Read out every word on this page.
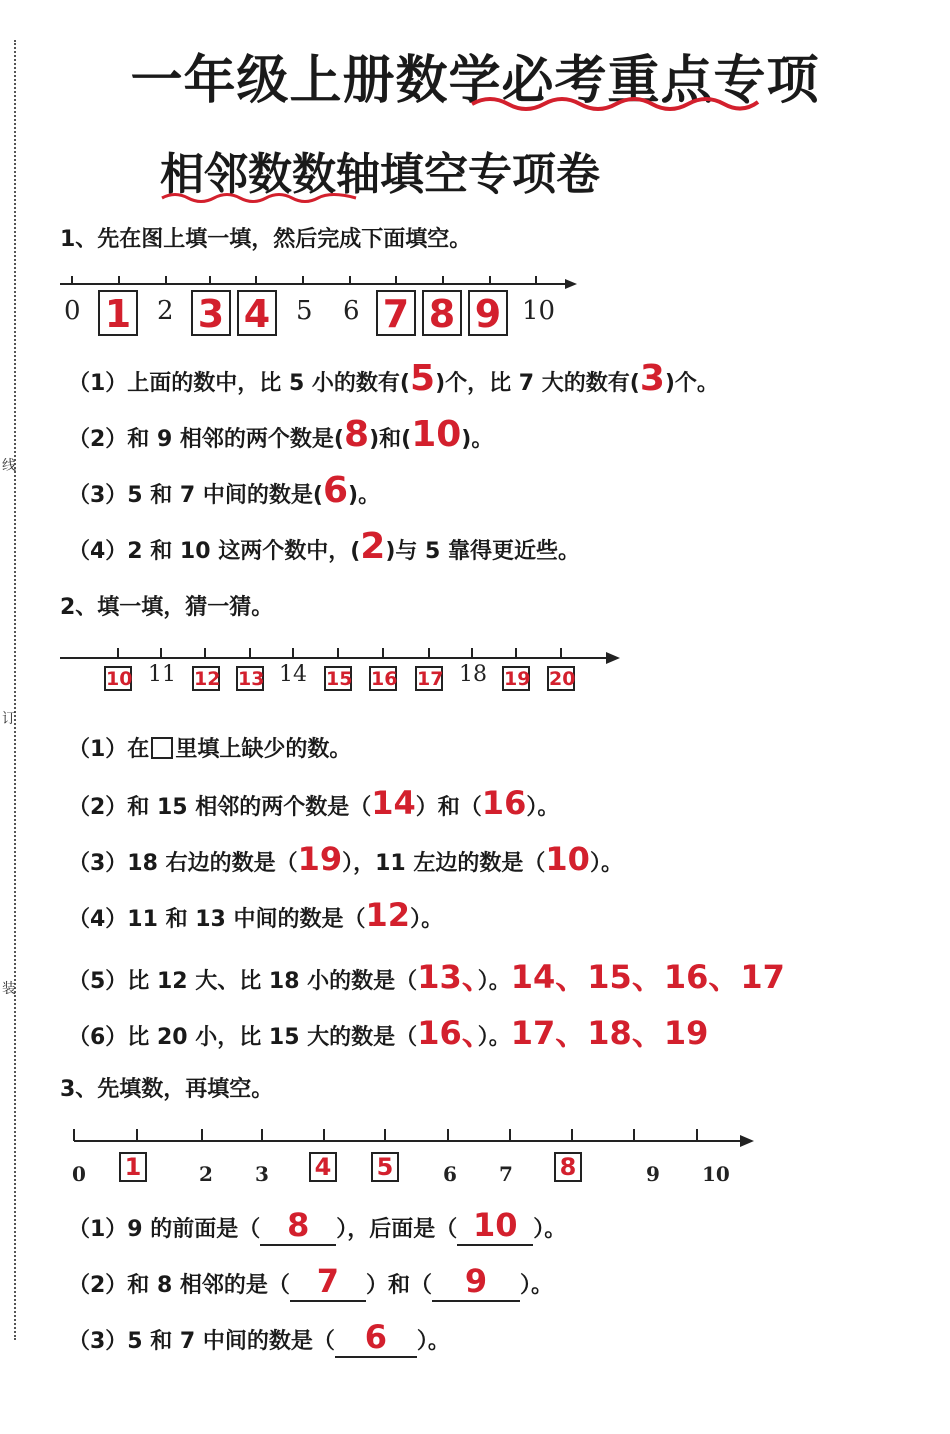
线
订
装
一年级上册数学必考重点专项
相邻数数轴填空专项卷
1、先在图上填一填，然后完成下面填空。
0 1 2 3 4 5 6 7 8 9 10
（1）上面的数中，比 5 小的数有(5)个，比 7 大的数有(3)个。
（2）和 9 相邻的两个数是(8)和(10)。
（3）5 和 7 中间的数是(6)。
（4）2 和 10 这两个数中，(2)与 5 靠得更近些。
2、填一填，猜一猜。
10 11 12 13 14 15 16 17 18 19 20
（1）在 里填上缺少的数。
（2）和 15 相邻的两个数是（14）和（16）。
（3）18 右边的数是（19），11 左边的数是（10）。
（4）11 和 13 中间的数是（12）。
（5）比 12 大、比 18 小的数是（13、）。14、15、16、17
（6）比 20 小，比 15 大的数是（16、）。17、18、19
3、先填数，再填空。
0 1	2 3 4 5 6 7 8	9 10
（1）9 的前面是（ 8 ），后面是（ 10 ）。
（2）和 8 相邻的是（ 7 ）和（ 9 ）。
（3）5 和 7 中间的数是（ 6 ）。
